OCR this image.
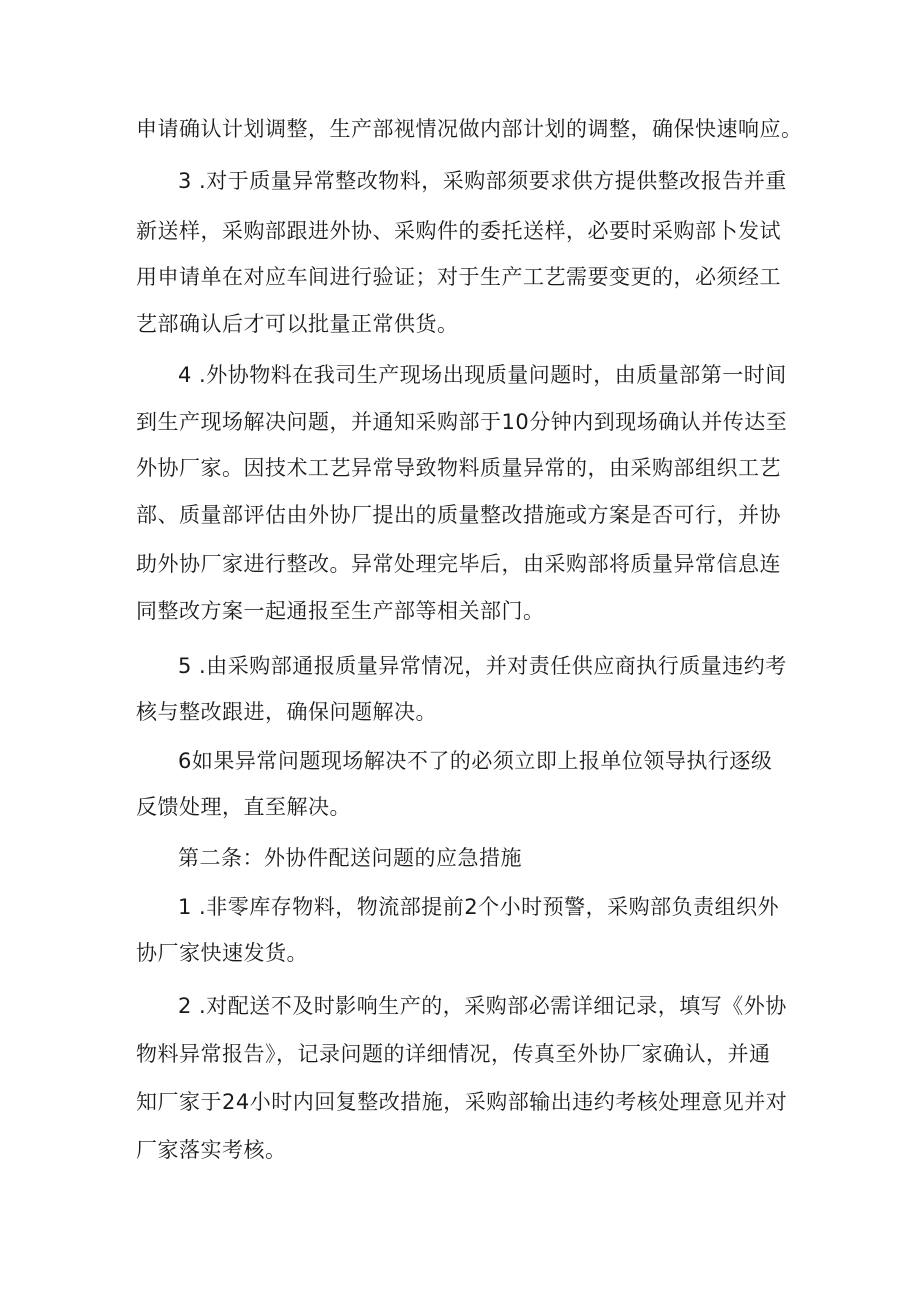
申请确认计划调整，生产部视情况做内部计划的调整，确保快速响应。
3 .对于质量异常整改物料，采购部须要求供方提供整改报告并重
新送样，采购部跟进外协、采购件的委托送样，必要时采购部卜发试
用申请单在对应车间进行验证；对于生产工艺需要变更的，必须经工
艺部确认后才可以批量正常供货。
4 .外协物料在我司生产现场出现质量问题时，由质量部第一时间
到生产现场解决问题，并通知采购部于10分钟内到现场确认并传达至
外协厂家。因技术工艺异常导致物料质量异常的，由采购部组织工艺
部、质量部评估由外协厂提出的质量整改措施或方案是否可行，并协
助外协厂家进行整改。异常处理完毕后，由采购部将质量异常信息连
同整改方案一起通报至生产部等相关部门。
5 .由采购部通报质量异常情况，并对责任供应商执行质量违约考
核与整改跟进，确保问题解决。
6如果异常问题现场解决不了的必须立即上报单位领导执行逐级
反馈处理，直至解决。
第二条：外协件配送问题的应急措施
1 .非零库存物料，物流部提前2个小时预警，采购部负责组织外
协厂家快速发货。
2 .对配送不及时影响生产的，采购部必需详细记录，填写《外协
物料异常报告》，记录问题的详细情况，传真至外协厂家确认，并通
知厂家于24小时内回复整改措施，采购部输出违约考核处理意见并对
厂家落实考核。
